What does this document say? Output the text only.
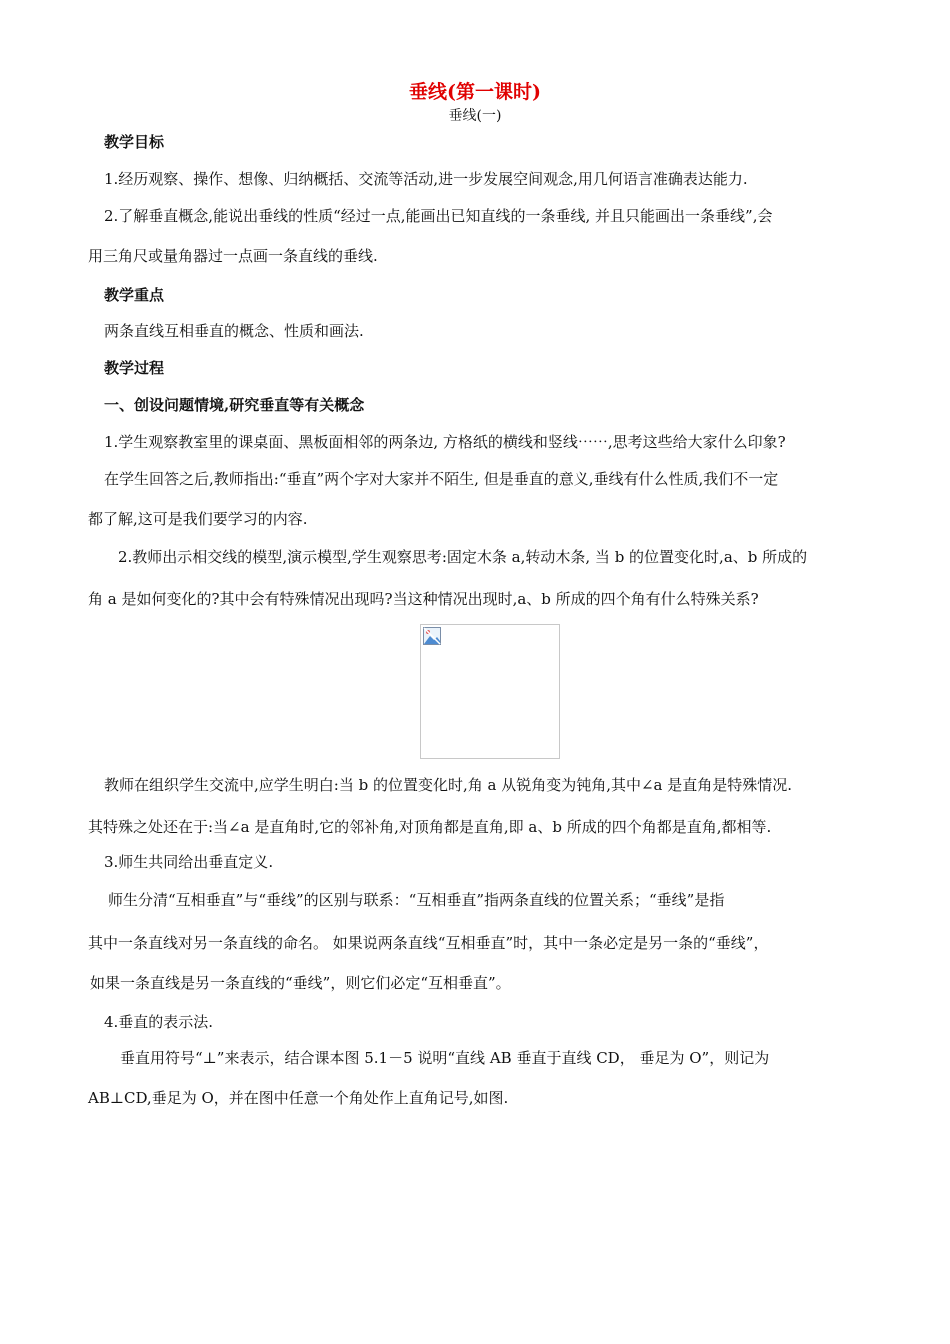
垂线(第一课时)
垂线(一)
教学目标
1.经历观察、操作、想像、归纳概括、交流等活动,进一步发展空间观念,用几何语言准确表达能力.
2.了解垂直概念,能说出垂线的性质“经过一点,能画出已知直线的一条垂线, 并且只能画出一条垂线”,会
用三角尺或量角器过一点画一条直线的垂线.
教学重点
两条直线互相垂直的概念、性质和画法.
教学过程
一、创设问题情境,研究垂直等有关概念
1.学生观察教室里的课桌面、黑板面相邻的两条边, 方格纸的横线和竖线⋯⋯,思考这些给大家什么印象?
在学生回答之后,教师指出:“垂直”两个字对大家并不陌生, 但是垂直的意义,垂线有什么性质,我们不一定
都了解,这可是我们要学习的内容.
2.教师出示相交线的模型,演示模型,学生观察思考:固定木条 a,转动木条, 当 b 的位置变化时,a、b 所成的
角 a 是如何变化的?其中会有特殊情况出现吗?当这种情况出现时,a、b 所成的四个角有什么特殊关系?
教师在组织学生交流中,应学生明白:当 b 的位置变化时,角 a 从锐角变为钝角,其中∠a 是直角是特殊情况.
其特殊之处还在于:当∠a 是直角时,它的邻补角,对顶角都是直角,即 a、b 所成的四个角都是直角,都相等.
3.师生共同给出垂直定义.
师生分清“互相垂直”与“垂线”的区别与联系：“互相垂直”指两条直线的位置关系；“垂线”是指
其中一条直线对另一条直线的命名。 如果说两条直线“互相垂直”时，其中一条必定是另一条的“垂线”，
如果一条直线是另一条直线的“垂线”，则它们必定“互相垂直”。
4.垂直的表示法.
垂直用符号“⊥”来表示，结合课本图 5.1－5 说明“直线 AB 垂直于直线 CD， 垂足为 O”，则记为
AB⊥CD,垂足为 O，并在图中任意一个角处作上直角记号,如图.
